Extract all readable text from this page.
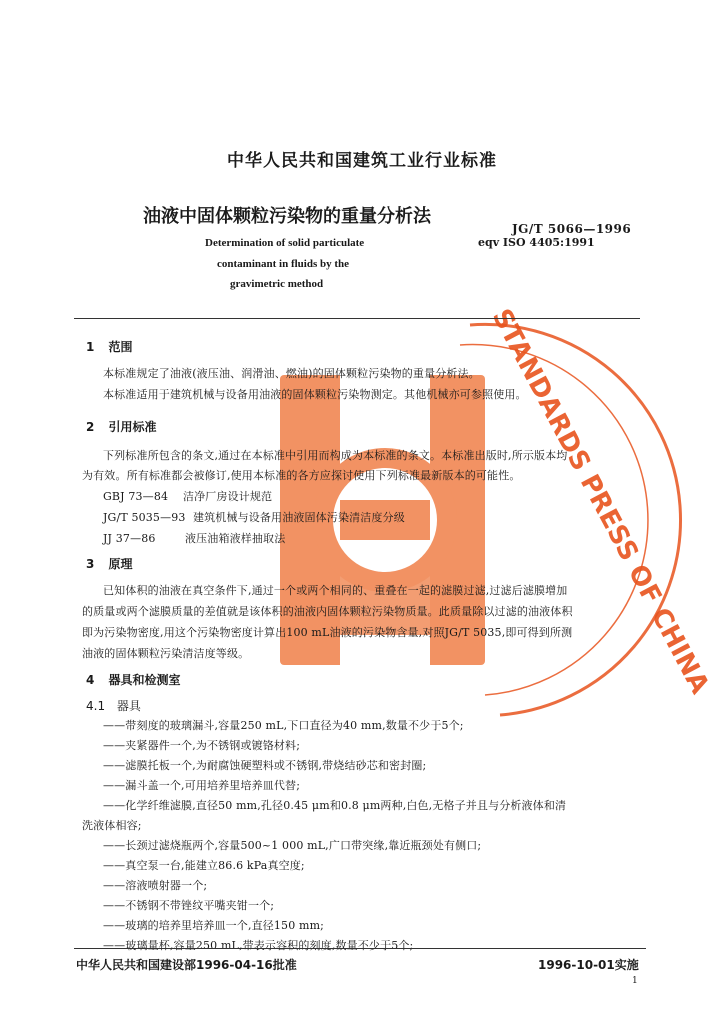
STANDARDS PRESS OF CHINA
中华人民共和国建筑工业行业标准
油液中固体颗粒污染物的重量分析法
JG/T 5066—1996
eqv ISO 4405:1991
Determination of solid particulate
contaminant in fluids by the
gravimetric method
1 范围
本标准规定了油液(液压油、润滑油、燃油)的固体颗粒污染物的重量分析法。
本标准适用于建筑机械与设备用油液的固体颗粒污染物测定。其他机械亦可参照使用。
2 引用标准
下列标准所包含的条文,通过在本标准中引用而构成为本标准的条文。本标准出版时,所示版本均
为有效。所有标准都会被修订,使用本标准的各方应探讨使用下列标准最新版本的可能性。
GBJ 73—84 洁净厂房设计规范
JG/T 5035—93 建筑机械与设备用油液固体污染清洁度分级
JJ 37—86	液压油箱液样抽取法
3 原理
已知体积的油液在真空条件下,通过一个或两个相同的、重叠在一起的滤膜过滤,过滤后滤膜增加
的质量或两个滤膜质量的差值就是该体积的油液内固体颗粒污染物质量。此质量除以过滤的油液体积
即为污染物密度,用这个污染物密度计算出100 mL油液的污染物含量,对照JG/T 5035,即可得到所测
油液的固体颗粒污染清洁度等级。
4 器具和检测室
4.1 器具
——带刻度的玻璃漏斗,容量250 mL,下口直径为40 mm,数量不少于5个;
——夹紧器件一个,为不锈钢或镀铬材料;
——滤膜托板一个,为耐腐蚀硬塑料或不锈钢,带烧结砂芯和密封圈;
——漏斗盖一个,可用培养里培养皿代替;
——化学纤维滤膜,直径50 mm,孔径0.45 μm和0.8 μm两种,白色,无格子并且与分析液体和清
洗液体相容;
——长颈过滤烧瓶两个,容量500~1 000 mL,广口带突缘,靠近瓶颈处有侧口;
——真空泵一台,能建立86.6 kPa真空度;
——溶液喷射器一个;
——不锈钢不带锉纹平嘴夹钳一个;
——玻璃的培养里培养皿一个,直径150 mm;
——玻璃量杯,容量250 mL,带表示容积的刻度,数量不少于5个;
中华人民共和国建设部1996-04-16批准	1996-10-01实施
1
